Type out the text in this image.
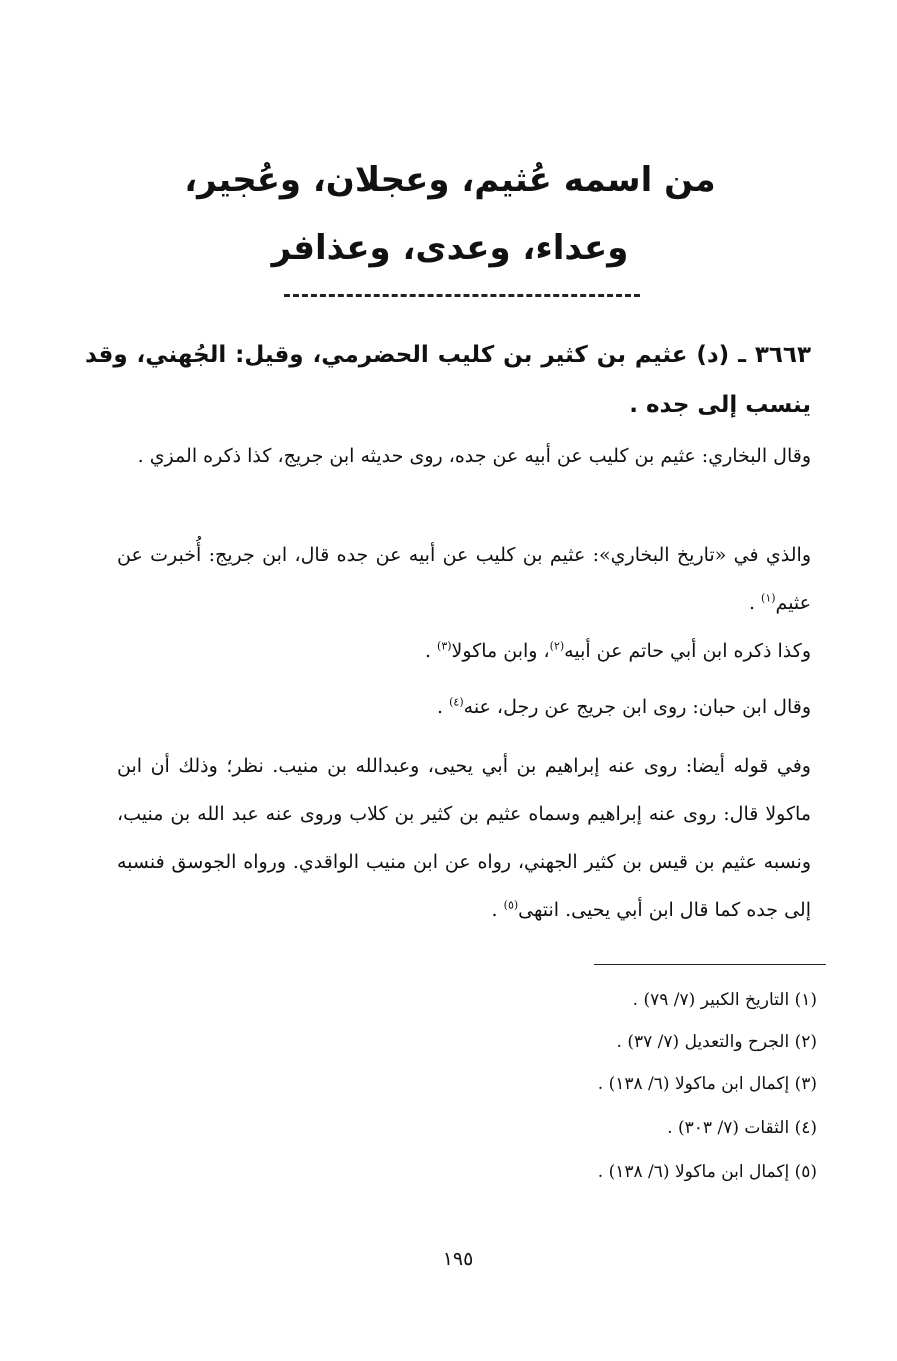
من اسمه عُثيم، وعجلان، وعُجير،
وعداء، وعدى، وعذافر
٣٦٦٣ ـ (د) عثيم بن كثير بن كليب الحضرمي، وقيل: الجُهني، وقد ينسب إلى جده .
وقال البخاري: عثيم بن كليب عن أبيه عن جده، روى حديثه ابن جريج، كذا ذكره المزي .
والذي في «تاريخ البخاري»: عثيم بن كليب عن أبيه عن جده قال، ابن جريج: أُخبرت عن عثيم$^{(١)}$ .
وكذا ذكره ابن أبي حاتم عن أبيه$^{(٢)}$، وابن ماكولا$^{(٣)}$ .
وقال ابن حبان: روى ابن جريج عن رجل، عنه$^{(٤)}$ .
وفي قوله أيضا: روى عنه إبراهيم بن أبي يحيى، وعبدالله بن منيب. نظر؛ وذلك أن ابن ماكولا قال: روى عنه إبراهيم وسماه عثيم بن كثير بن كلاب وروى عنه عبد الله بن منيب، ونسبه عثيم بن قيس بن كثير الجهني، رواه عن ابن منيب الواقدي. ورواه الجوسق فنسبه إلى جده كما قال ابن أبي يحيى. انتهى$^{(٥)}$ .
(١) التاريخ الكبير (٧/ ٧٩) .
(٢) الجرح والتعديل (٧/ ٣٧) .
(٣) إكمال ابن ماكولا (٦/ ١٣٨) .
(٤) الثقات (٧/ ٣٠٣) .
(٥) إكمال ابن ماكولا (٦/ ١٣٨) .
١٩٥
